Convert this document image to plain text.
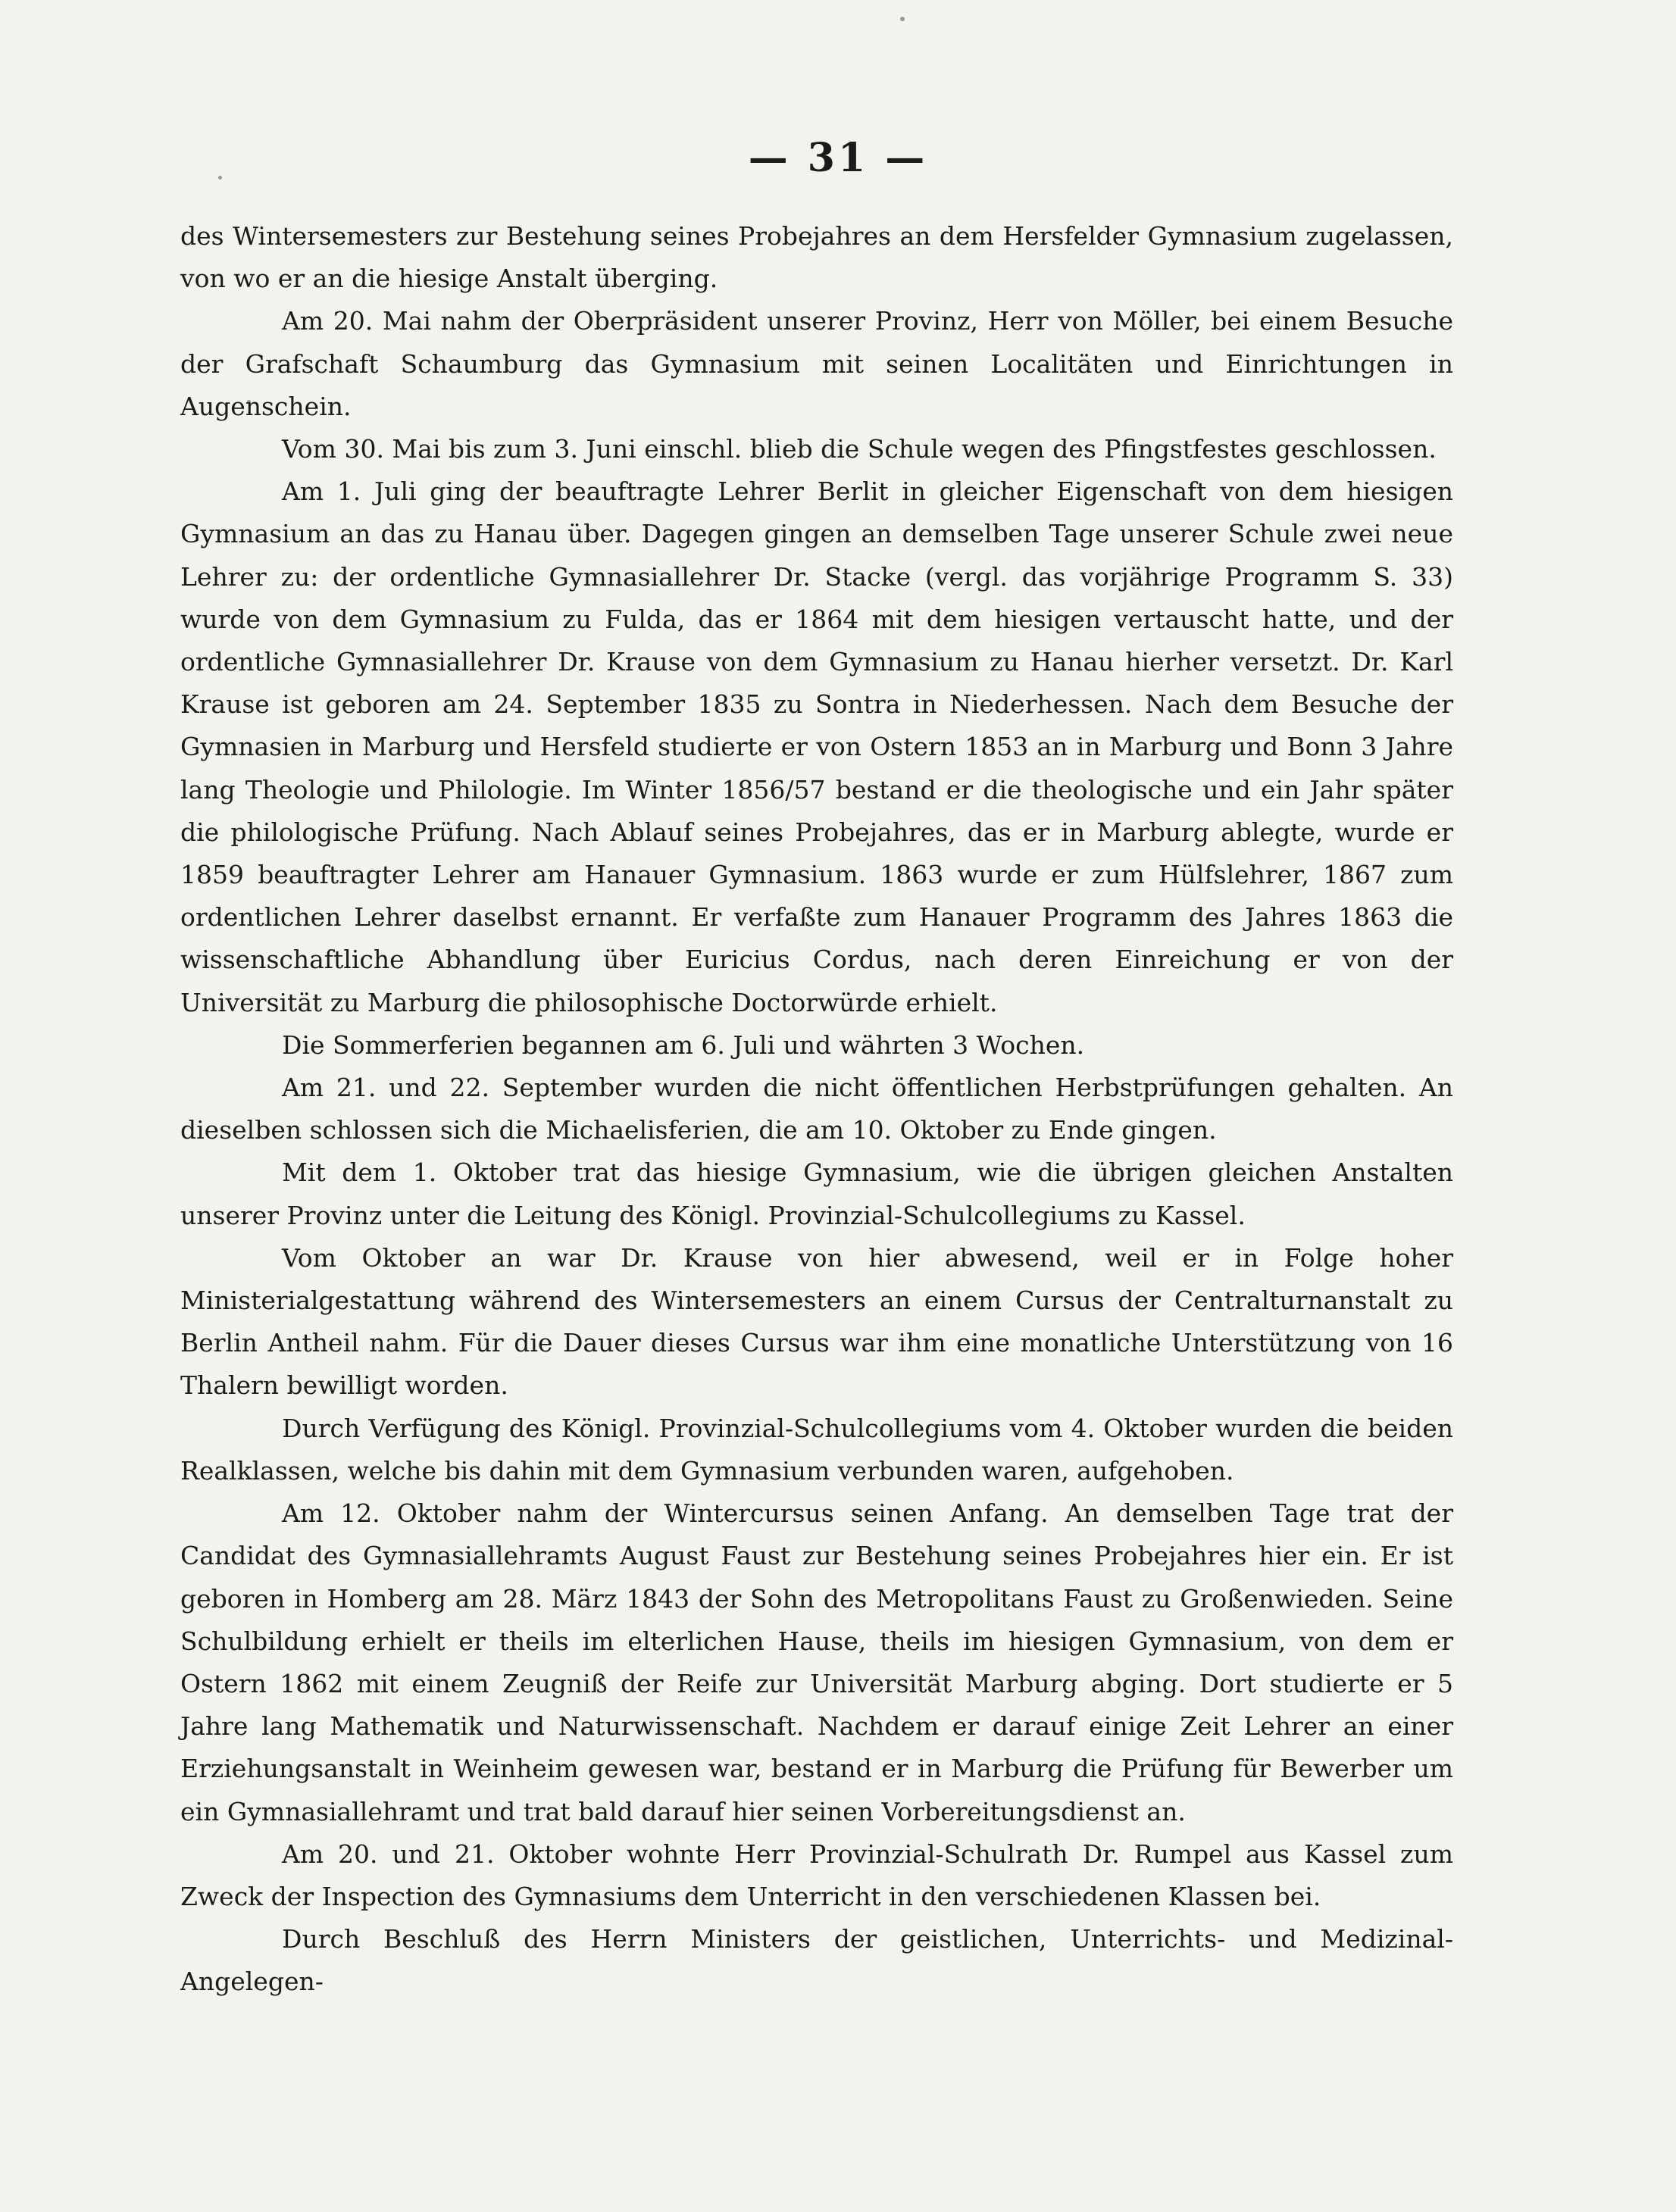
— 31 —

des Wintersemesters zur Bestehung seines Probejahres an dem Hersfelder Gymnasium zugelassen, von wo er an die hiesige Anstalt überging.

Am 20. Mai nahm der Oberpräsident unserer Provinz, Herr von Möller, bei einem Besuche der Grafschaft Schaumburg das Gymnasium mit seinen Localitäten und Einrichtungen in Augenschein.

Vom 30. Mai bis zum 3. Juni einschl. blieb die Schule wegen des Pfingstfestes geschlossen.

Am 1. Juli ging der beauftragte Lehrer Berlit in gleicher Eigenschaft von dem hiesigen Gymnasium an das zu Hanau über. Dagegen gingen an demselben Tage unserer Schule zwei neue Lehrer zu: der ordentliche Gymnasiallehrer Dr. Stacke (vergl. das vorjährige Programm S. 33) wurde von dem Gymnasium zu Fulda, das er 1864 mit dem hiesigen vertauscht hatte, und der ordentliche Gymnasiallehrer Dr. Krause von dem Gymnasium zu Hanau hierher versetzt. Dr. Karl Krause ist geboren am 24. September 1835 zu Sontra in Niederhessen. Nach dem Besuche der Gymnasien in Marburg und Hersfeld studierte er von Ostern 1853 an in Marburg und Bonn 3 Jahre lang Theologie und Philologie. Im Winter 1856/57 bestand er die theologische und ein Jahr später die philologische Prüfung. Nach Ablauf seines Probejahres, das er in Marburg ablegte, wurde er 1859 beauftragter Lehrer am Hanauer Gymnasium. 1863 wurde er zum Hülfslehrer, 1867 zum ordentlichen Lehrer daselbst ernannt. Er verfaßte zum Hanauer Programm des Jahres 1863 die wissenschaftliche Abhandlung über Euricius Cordus, nach deren Einreichung er von der Universität zu Marburg die philosophische Doctorwürde erhielt.

Die Sommerferien begannen am 6. Juli und währten 3 Wochen.

Am 21. und 22. September wurden die nicht öffentlichen Herbstprüfungen gehalten. An dieselben schlossen sich die Michaelisferien, die am 10. Oktober zu Ende gingen.

Mit dem 1. Oktober trat das hiesige Gymnasium, wie die übrigen gleichen Anstalten unserer Provinz unter die Leitung des Königl. Provinzial-Schulcollegiums zu Kassel.

Vom Oktober an war Dr. Krause von hier abwesend, weil er in Folge hoher Ministerialgestattung während des Wintersemesters an einem Cursus der Centralturnanstalt zu Berlin Antheil nahm. Für die Dauer dieses Cursus war ihm eine monatliche Unterstützung von 16 Thalern bewilligt worden.

Durch Verfügung des Königl. Provinzial-Schulcollegiums vom 4. Oktober wurden die beiden Realklassen, welche bis dahin mit dem Gymnasium verbunden waren, aufgehoben.

Am 12. Oktober nahm der Wintercursus seinen Anfang. An demselben Tage trat der Candidat des Gymnasiallehramts August Faust zur Bestehung seines Probejahres hier ein. Er ist geboren in Homberg am 28. März 1843 der Sohn des Metropolitans Faust zu Großenwieden. Seine Schulbildung erhielt er theils im elterlichen Hause, theils im hiesigen Gymnasium, von dem er Ostern 1862 mit einem Zeugniß der Reife zur Universität Marburg abging. Dort studierte er 5 Jahre lang Mathematik und Naturwissenschaft. Nachdem er darauf einige Zeit Lehrer an einer Erziehungsanstalt in Weinheim gewesen war, bestand er in Marburg die Prüfung für Bewerber um ein Gymnasiallehramt und trat bald darauf hier seinen Vorbereitungsdienst an.

Am 20. und 21. Oktober wohnte Herr Provinzial-Schulrath Dr. Rumpel aus Kassel zum Zweck der Inspection des Gymnasiums dem Unterricht in den verschiedenen Klassen bei.

Durch Beschluß des Herrn Ministers der geistlichen, Unterrichts- und Medizinal-Angelegen-
